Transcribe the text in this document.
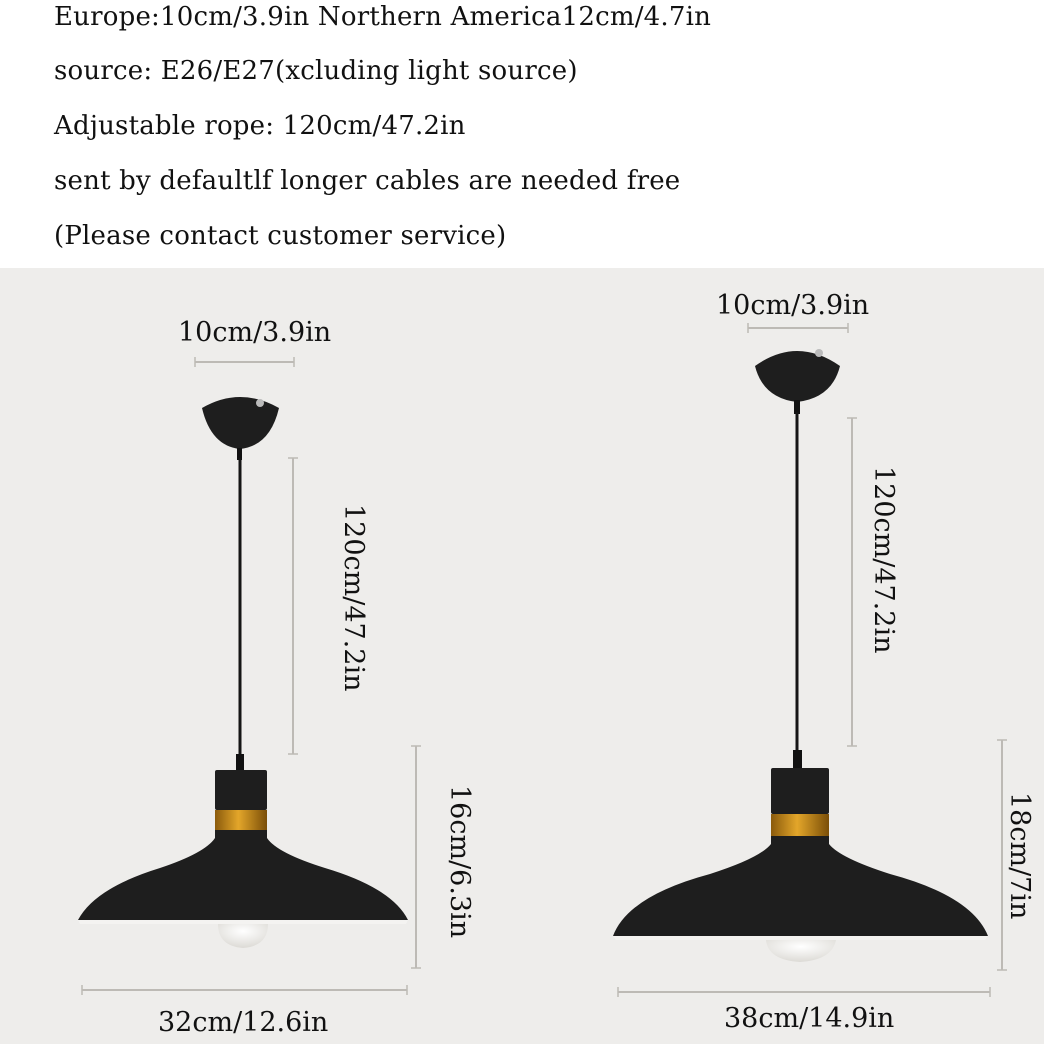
Europe:10cm/3.9in Northern America12cm/4.7in
source: E26/E27(xcluding light source)
Adjustable rope: 120cm/47.2in
sent by defaultlf longer cables are needed free
(Please contact customer service)
10cm/3.9in
120cm/47.2in
16cm/6.3in
32cm/12.6in
10cm/3.9in
120cm/47.2in
18cm/7in
38cm/14.9in
